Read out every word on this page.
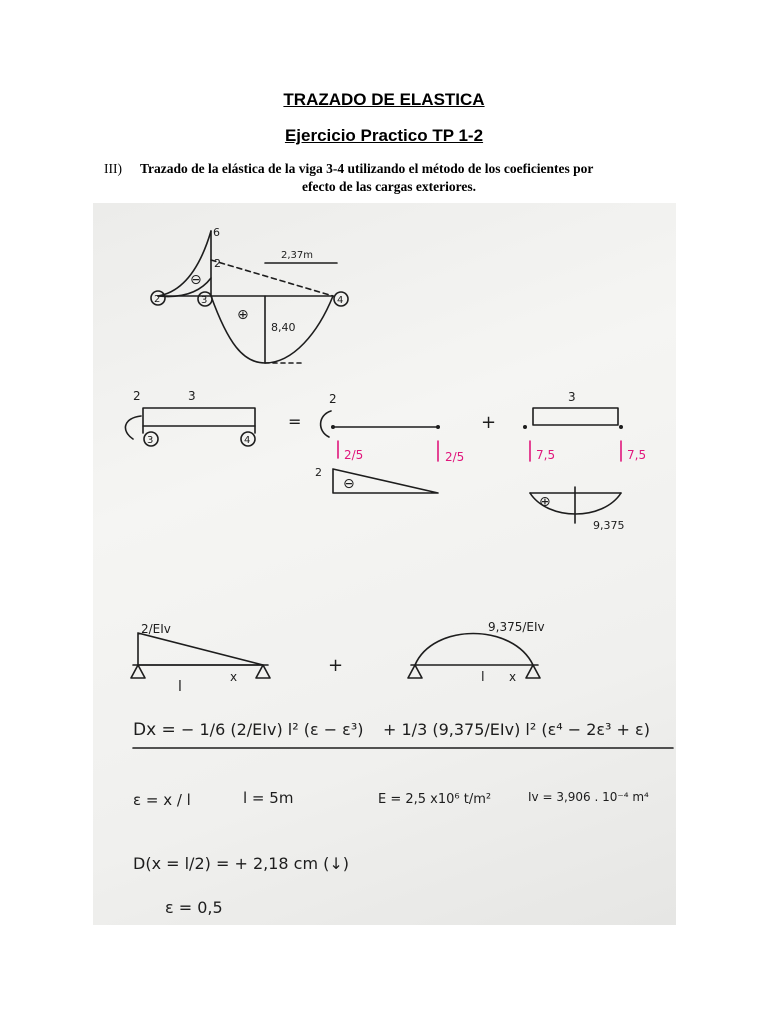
TRAZADO DE ELASTICA
Ejercicio Practico TP 1-2
III) Trazado de la elástica de la viga 3-4 utilizando el método de los coeficientes por
efecto de las cargas exteriores.
6
2
2,37m
8,40
2	3	4
⊖
⊕
2	3
3	4
=
2
2/5	2/5
2
⊖
+
3
7,5	7,5
⊕
9,375
2/EIv
l
x
+
9,375/EIv
l x
Dx = − 1/6 (2/EIv) l² (ε − ε³) + 1/3 (9,375/EIv) l² (ε⁴ − 2ε³ + ε)
ε = x / l	l = 5m	E = 2,5 x10⁶ t/m²	Iv = 3,906 . 10⁻⁴ m⁴
D(x = l/2) = + 2,18 cm (↓)
ε = 0,5
